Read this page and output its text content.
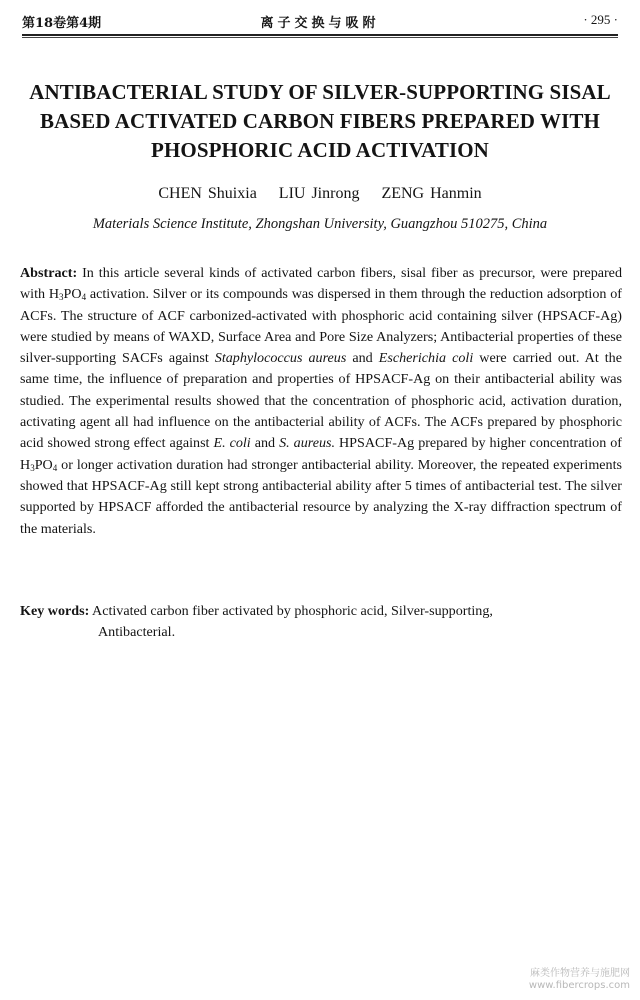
第18卷第4期	离子交换与吸附	· 295 ·
ANTIBACTERIAL STUDY OF SILVER-SUPPORTING SISAL BASED ACTIVATED CARBON FIBERS PREPARED WITH PHOSPHORIC ACID ACTIVATION
CHEN Shuixia LIU Jinrong ZENG Hanmin
Materials Science Institute, Zhongshan University, Guangzhou 510275, China
Abstract: In this article several kinds of activated carbon fibers, sisal fiber as precursor, were prepared with $H_3PO_4$ activation. Silver or its compounds was dispersed in them through the reduction adsorption of ACFs. The structure of ACF carbonized-activated with phosphoric acid containing silver (HPSACF-Ag) were studied by means of WAXD, Surface Area and Pore Size Analyzers; Antibacterial properties of these silver-supporting SACFs against Staphylococcus aureus and Escherichia coli were carried out. At the same time, the influence of preparation and properties of HPSACF-Ag on their antibacterial ability was studied. The experimental results showed that the concentration of phosphoric acid, activation duration, activating agent all had influence on the antibacterial ability of ACFs. The ACFs prepared by phosphoric acid showed strong effect against E. coli and S. aureus. HPSACF-Ag prepared by higher concentration of $H_3PO_4$ or longer activation duration had stronger antibacterial ability. Moreover, the repeated experiments showed that HPSACF-Ag still kept strong antibacterial ability after 5 times of antibacterial test. The silver supported by HPSACF afforded the antibacterial resource by analyzing the X-ray diffraction spectrum of the materials.
Key words: Activated carbon fiber activated by phosphoric acid, Silver-supporting,
Antibacterial.
麻类作物营养与施肥网
www.fibercrops.com
